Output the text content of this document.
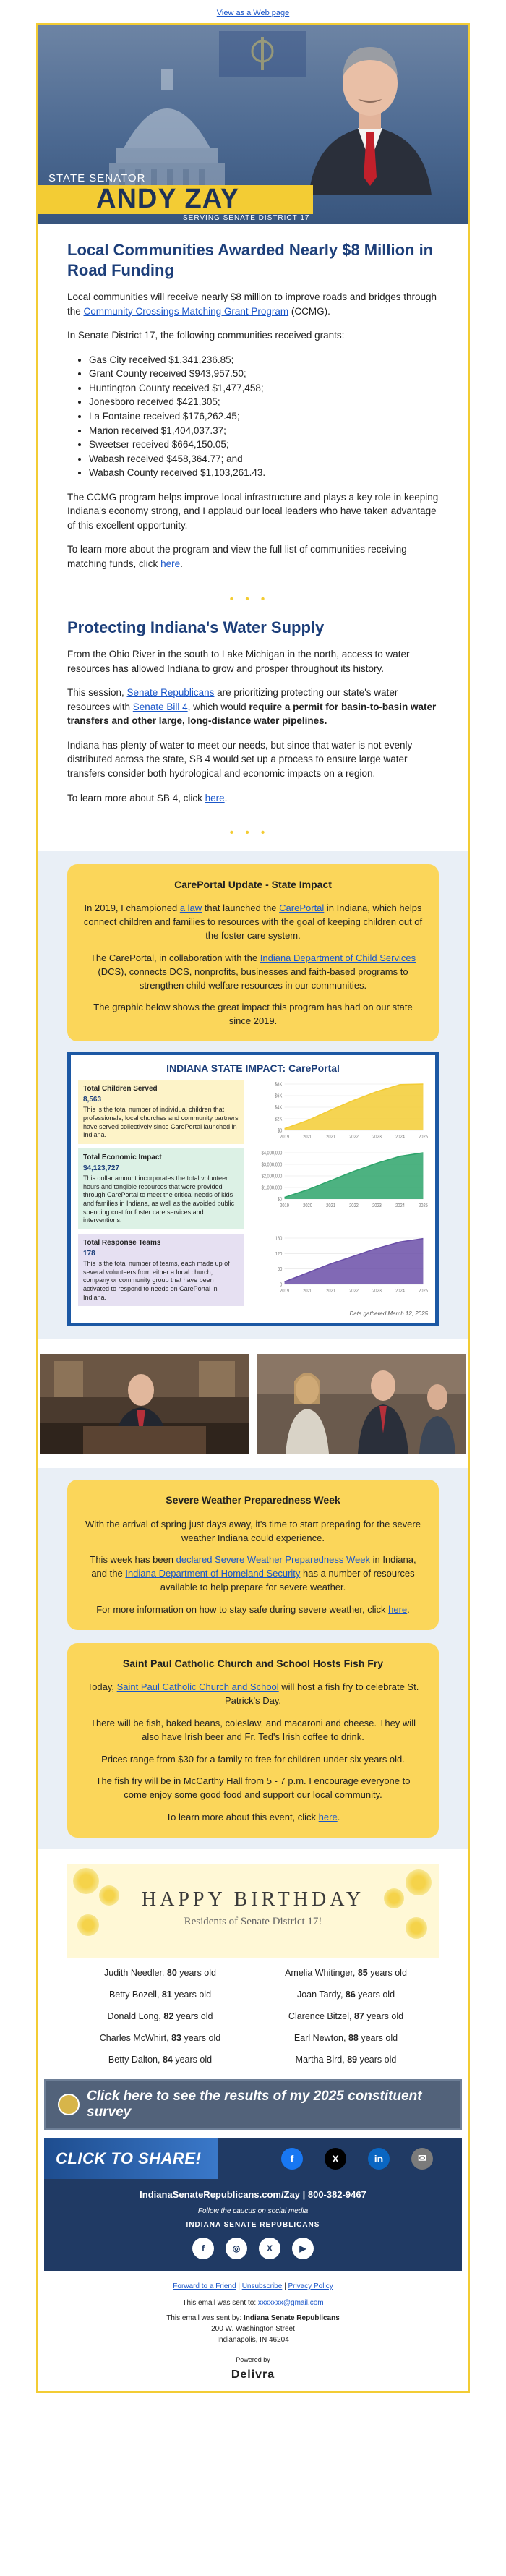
View as a Web page
STATE SENATOR
ANDY ZAY
SERVING SENATE DISTRICT 17
Local Communities Awarded Nearly $8 Million in Road Funding

Local communities will receive nearly $8 million to improve roads and bridges through the Community Crossings Matching Grant Program (CCMG).

In Senate District 17, the following communities received grants:

• Gas City received $1,341,236.85;
• Grant County received $943,957.50;
• Huntington County received $1,477,458;
• Jonesboro received $421,305;
• La Fontaine received $176,262.45;
• Marion received $1,404,037.37;
• Sweetser received $664,150.05;
• Wabash received $458,364.77; and
• Wabash County received $1,103,261.43.

The CCMG program helps improve local infrastructure and plays a key role in keeping Indiana's economy strong, and I applaud our local leaders who have taken advantage of this excellent opportunity.

To learn more about the program and view the full list of communities receiving matching funds, click here.

•••
Protecting Indiana's Water Supply

From the Ohio River in the south to Lake Michigan in the north, access to water resources has allowed Indiana to grow and prosper throughout its history.

This session, Senate Republicans are prioritizing protecting our state's water resources with Senate Bill 4, which would require a permit for basin-to-basin water transfers and other large, long-distance water pipelines.

Indiana has plenty of water to meet our needs, but since that water is not evenly distributed across the state, SB 4 would set up a process to ensure large water transfers consider both hydrological and economic impacts on a region.

To learn more about SB 4, click here.

•••
CarePortal Update - State Impact

In 2019, I championed a law that launched the CarePortal in Indiana, which helps connect children and families to resources with the goal of keeping children out of the foster care system.

The CarePortal, in collaboration with the Indiana Department of Child Services (DCS), connects DCS, nonprofits, businesses and faith-based programs to strengthen child welfare resources in our communities.

The graphic below shows the great impact this program has had on our state since 2019.

INDIANA STATE IMPACT: CarePortal
Total Children Served
8,563
This is the total number of individual children that professionals, local churches and community partners have served collectively since CarePortal launched in Indiana.
$8K
$6K
$4K
$2K
$0
2019	2020	2021	2022	2023	2024	2025
Total Economic Impact
$4,123,727
This dollar amount incorporates the total volunteer hours and tangible resources that were provided through CarePortal to meet the critical needs of kids and families in Indiana, as well as the avoided public spending cost for foster care services and interventions.
$4,000,000
$3,000,000
$2,000,000
$1,000,000
$0
2019	2020	2021	2022	2023	2024	2025
Total Response Teams
178
This is the total number of teams, each made up of several volunteers from either a local church, company or community group that have been activated to respond to needs on CarePortal in Indiana.
180
120
60
0
2019	2020	2021	2022	2023	2024	2025
Data gathered March 12, 2025
Severe Weather Preparedness Week

With the arrival of spring just days away, it's time to start preparing for the severe weather Indiana could experience.

This week has been declared Severe Weather Preparedness Week in Indiana, and the Indiana Department of Homeland Security has a number of resources available to help prepare for severe weather.

For more information on how to stay safe during severe weather, click here.

Saint Paul Catholic Church and School Hosts Fish Fry

Today, Saint Paul Catholic Church and School will host a fish fry to celebrate St. Patrick's Day.

There will be fish, baked beans, coleslaw, and macaroni and cheese. They will also have Irish beer and Fr. Ted's Irish coffee to drink.

Prices range from $30 for a family to free for children under six years old.

The fish fry will be in McCarthy Hall from 5 - 7 p.m. I encourage everyone to come enjoy some good food and support our local community.

To learn more about this event, click here.

HAPPY BIRTHDAY
Residents of Senate District 17!
Judith Needler, 80 years old	Amelia Whitinger, 85 years old
Betty Bozell, 81 years old	Joan Tardy, 86 years old
Donald Long, 82 years old	Clarence Bitzel, 87 years old
Charles McWhirt, 83 years old	Earl Newton, 88 years old
Betty Dalton, 84 years old	Martha Bird, 89 years old
Click here to see the results of my 2025 constituent survey
CLICK TO SHARE!	f	X	in	✉
IndianaSenateRepublicans.com/Zay | 800-382-9467
Follow the caucus on social media
INDIANA SENATE REPUBLICANS
f	◎	X	▶
Forward to a Friend | Unsubscribe | Privacy Policy
This email was sent to: xxxxxxx@gmail.com
This email was sent by: Indiana Senate Republicans
200 W. Washington Street
Indianapolis, IN 46204
Powered by
Delivra
